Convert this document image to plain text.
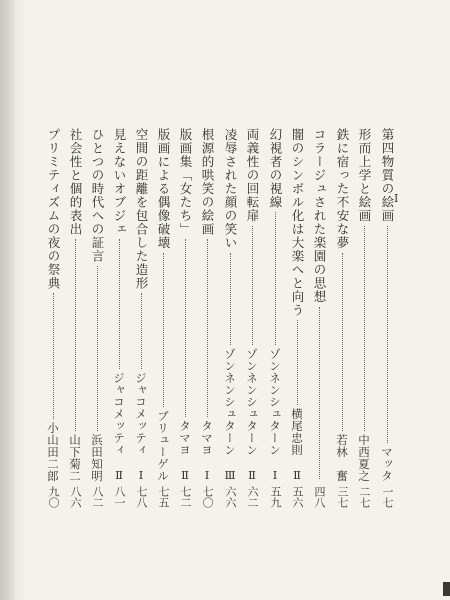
I
第四物質の絵画
マッタ
一七
形而上学と絵画
中西夏之
二七
鉄に宿った不安な夢
若林　奮
三七
コラージュされた楽園の思想
四八
闇のシンボル化は大楽へと向う
横尾忠則　Ⅱ
五六
幻視者の視線
ゾンネンシュターン　Ⅰ
五九
両義性の回転扉
ゾンネンシュターン　Ⅱ
六二
凌辱された顔の笑い
ゾンネンシュターン　Ⅲ
六六
根源的哄笑の絵画
タマヨ　Ⅰ
七〇
版画集「女たち」
タマヨ　Ⅱ
七二
版画による偶像破壊
ブリューゲル
七五
空間の距離を包合した造形
ジャコメッティ　Ⅰ
七八
見えないオブジェ
ジャコメッティ　Ⅱ
八一
ひとつの時代への証言
浜田知明
八二
社会性と個的表出
山下菊二
八六
プリミティズムの夜の祭典
小山田二郎
九〇
